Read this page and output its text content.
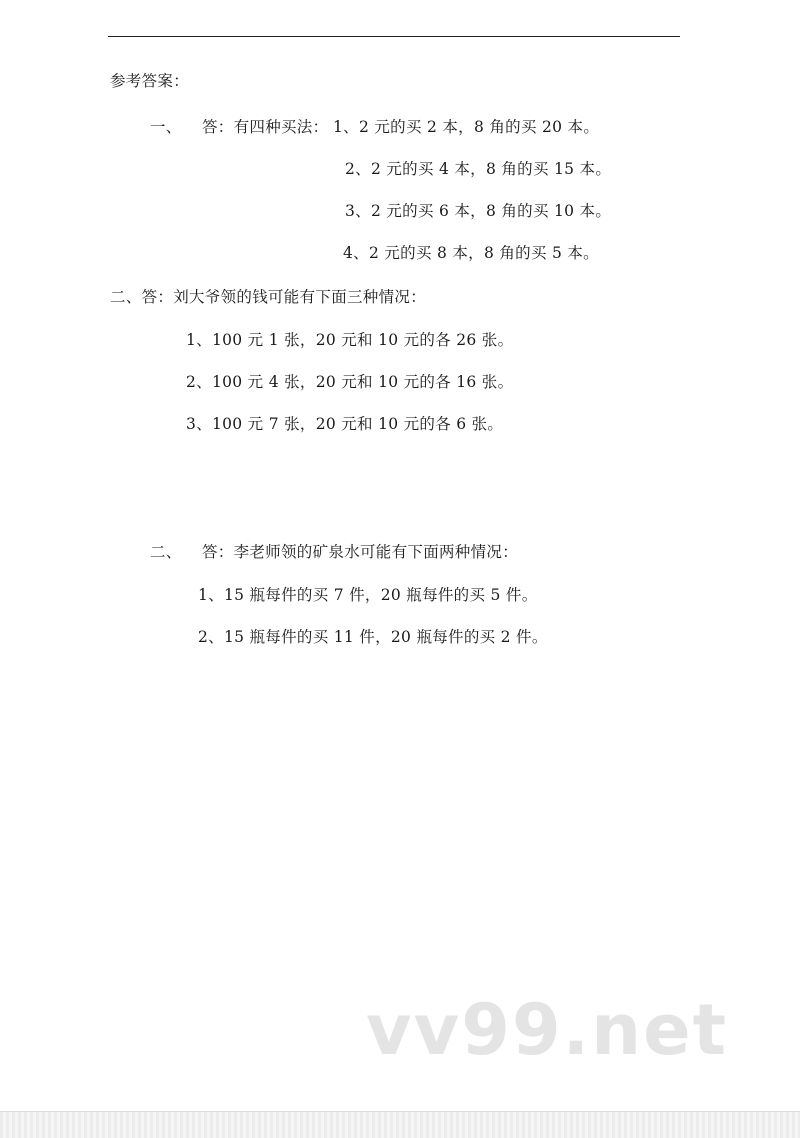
参考答案：
一、 答：有四种买法： 1、2 元的买 2 本，8 角的买 20 本。
2、2 元的买 4 本，8 角的买 15 本。
3、2 元的买 6 本，8 角的买 10 本。
4、2 元的买 8 本，8 角的买 5 本。
二、答：刘大爷领的钱可能有下面三种情况：
1、100 元 1 张，20 元和 10 元的各 26 张。
2、100 元 4 张，20 元和 10 元的各 16 张。
3、100 元 7 张，20 元和 10 元的各 6 张。
二、 答：李老师领的矿泉水可能有下面两种情况：
1、15 瓶每件的买 7 件，20 瓶每件的买 5 件。
2、15 瓶每件的买 11 件，20 瓶每件的买 2 件。
vv99.net
